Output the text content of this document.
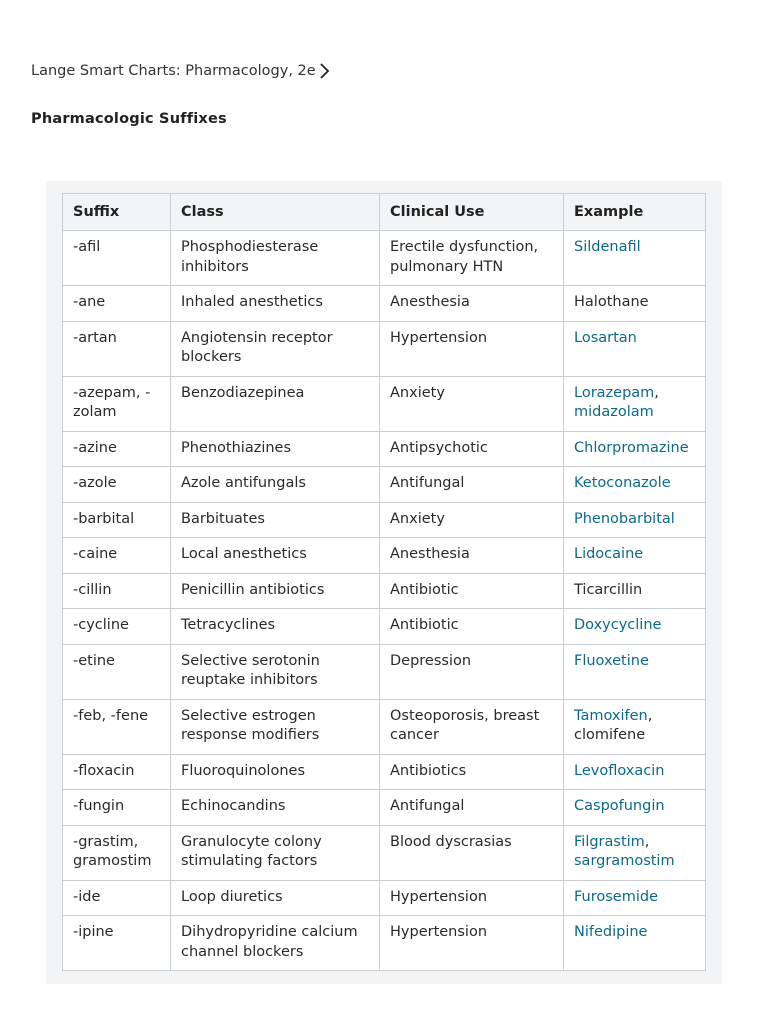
Lange Smart Charts: Pharmacology, 2e
Pharmacologic Suffixes
Suffix	Class	Clinical Use	Example
-afil	Phosphodiesterase inhibitors	Erectile dysfunction, pulmonary HTN	Sildenafil
-ane	Inhaled anesthetics	Anesthesia	Halothane
-artan	Angiotensin receptor blockers	Hypertension	Losartan
-azepam, -zolam	Benzodiazepinea	Anxiety	Lorazepam, midazolam
-azine	Phenothiazines	Antipsychotic	Chlorpromazine
-azole	Azole antifungals	Antifungal	Ketoconazole
-barbital	Barbituates	Anxiety	Phenobarbital
-caine	Local anesthetics	Anesthesia	Lidocaine
-cillin	Penicillin antibiotics	Antibiotic	Ticarcillin
-cycline	Tetracyclines	Antibiotic	Doxycycline
-etine	Selective serotonin reuptake inhibitors	Depression	Fluoxetine
-feb, -fene	Selective estrogen response modifiers	Osteoporosis, breast cancer	Tamoxifen, clomifene
-floxacin	Fluoroquinolones	Antibiotics	Levofloxacin
-fungin	Echinocandins	Antifungal	Caspofungin
-grastim, gramostim	Granulocyte colony stimulating factors	Blood dyscrasias	Filgrastim, sargramostim
-ide	Loop diuretics	Hypertension	Furosemide
-ipine	Dihydropyridine calcium channel blockers	Hypertension	Nifedipine
